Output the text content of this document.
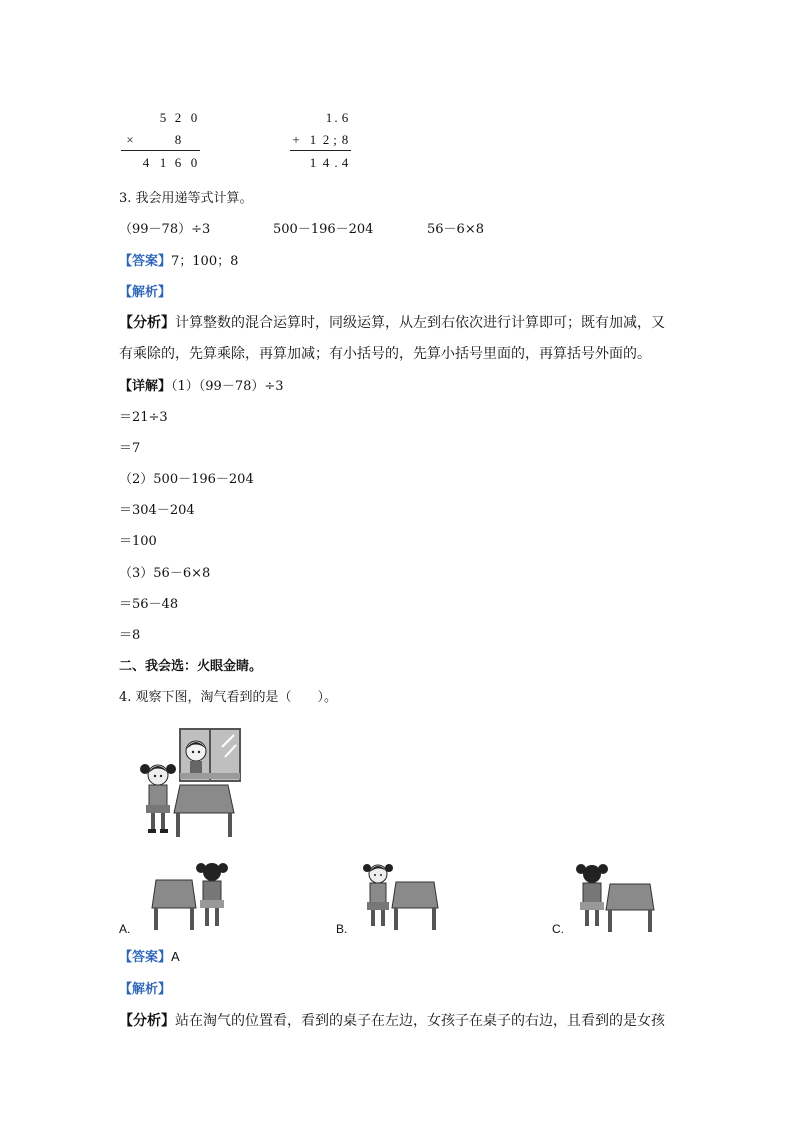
5 2 0
×	8
4 1 6 0
1 . 6
+ 1 2 ; 8
1 4 . 4
3. 我会用递等式计算。
（99－78）÷3	500－196－204	56－6×8
【答案】7；100；8
【解析】
【分析】计算整数的混合运算时，同级运算，从左到右依次进行计算即可；既有加减，又
有乘除的，先算乘除，再算加减；有小括号的，先算小括号里面的，再算括号外面的。
【详解】（1）（99－78）÷3
＝21÷3
＝7
（2）500－196－204
＝304－204
＝100
（3）56－6×8
＝56－48
＝8
二、我会选：火眼金睛。
4. 观察下图，淘气看到的是（　　）。
A.	B.	C.
【答案】A
【解析】
【分析】站在淘气的位置看，看到的桌子在左边，女孩子在桌子的右边，且看到的是女孩
